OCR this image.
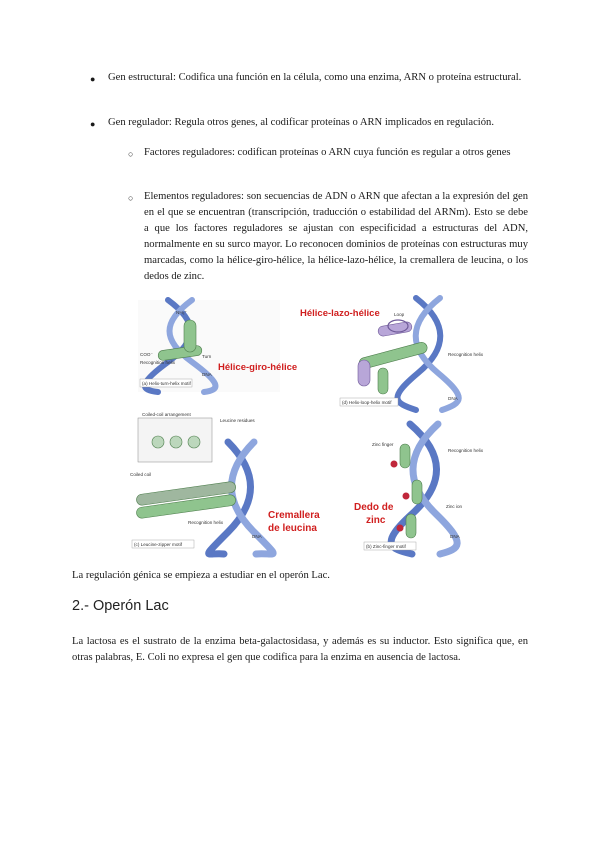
● Gen estructural: Codifica una función en la célula, como una enzima, ARN o proteína estructural.
● Gen regulador: Regula otros genes, al codificar proteínas o ARN implicados en regulación.
○ Factores reguladores: codifican proteínas o ARN cuya función es regular a otros genes
○ Elementos reguladores: son secuencias de ADN o ARN que afectan a la expresión del gen en el que se encuentran (transcripción, traducción o estabilidad del ARNm). Esto se debe a que los factores reguladores se ajustan con especificidad a estructuras del ADN, normalmente en su surco mayor. Lo reconocen dominios de proteínas con estructuras muy marcadas, como la hélice-giro-hélice, la hélice-lazo-hélice, la cremallera de leucina, o los dedos de zinc.
NH₃⁺
COO⁻
Recognition helix
Turn
DNA
Hélice-giro-hélice
(a) Helix-turn-helix motif
Hélice-lazo-hélice	Loop
Recognition helix
DNA
(d) Helix-loop-helix motif
Coiled-coil arrangement
Leucine residues
Coiled coil
Recognition helix
DNA
Cremallera
de leucina
(c) Leucine-zipper motif
Zinc finger
Recognition helix
Zinc ion
DNA
Dedo de
zinc
(b) Zinc-finger motif
La regulación génica se empieza a estudiar en el operón Lac.
2.- Operón Lac
La lactosa es el sustrato de la enzima beta-galactosidasa, y además es su inductor. Esto significa que, en otras palabras, E. Coli no expresa el gen que codifica para la enzima en ausencia de lactosa.
